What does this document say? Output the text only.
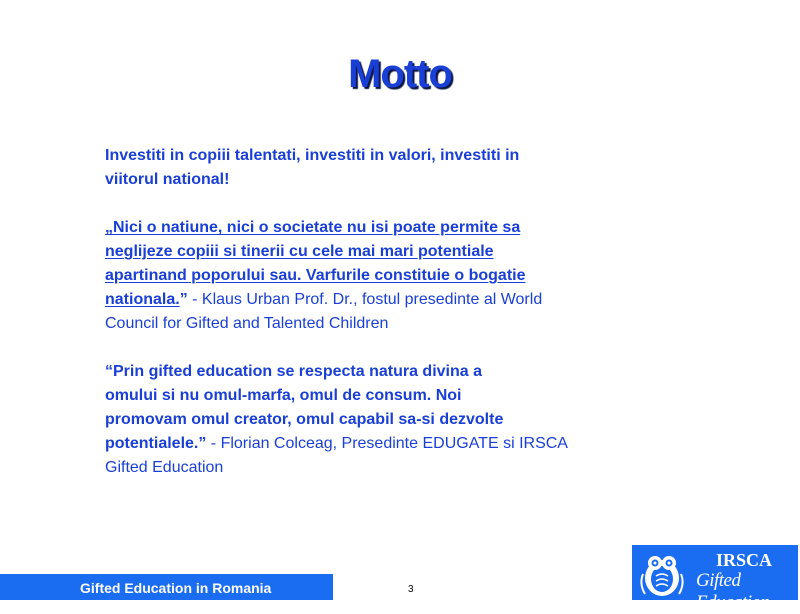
Motto

Investiti in copiii talentati, investiti in valori, investiti in
viitorul national!

„Nici o natiune, nici o societate nu isi poate permite sa
neglijeze copiii si tinerii cu cele mai mari potentiale
apartinand poporului sau. Varfurile constituie o bogatie
nationala.” - Klaus Urban Prof. Dr., fostul presedinte al World
Council for Gifted and Talented Children

“Prin gifted education se respecta natura divina a
omului si nu omul-marfa, omul de consum. Noi
promovam omul creator, omul capabil sa-si dezvolte
potentialele.” - Florian Colceag, Presedinte EDUGATE si IRSCA
Gifted Education

Gifted Education in Romania	3
IRSCA
Gifted Education
